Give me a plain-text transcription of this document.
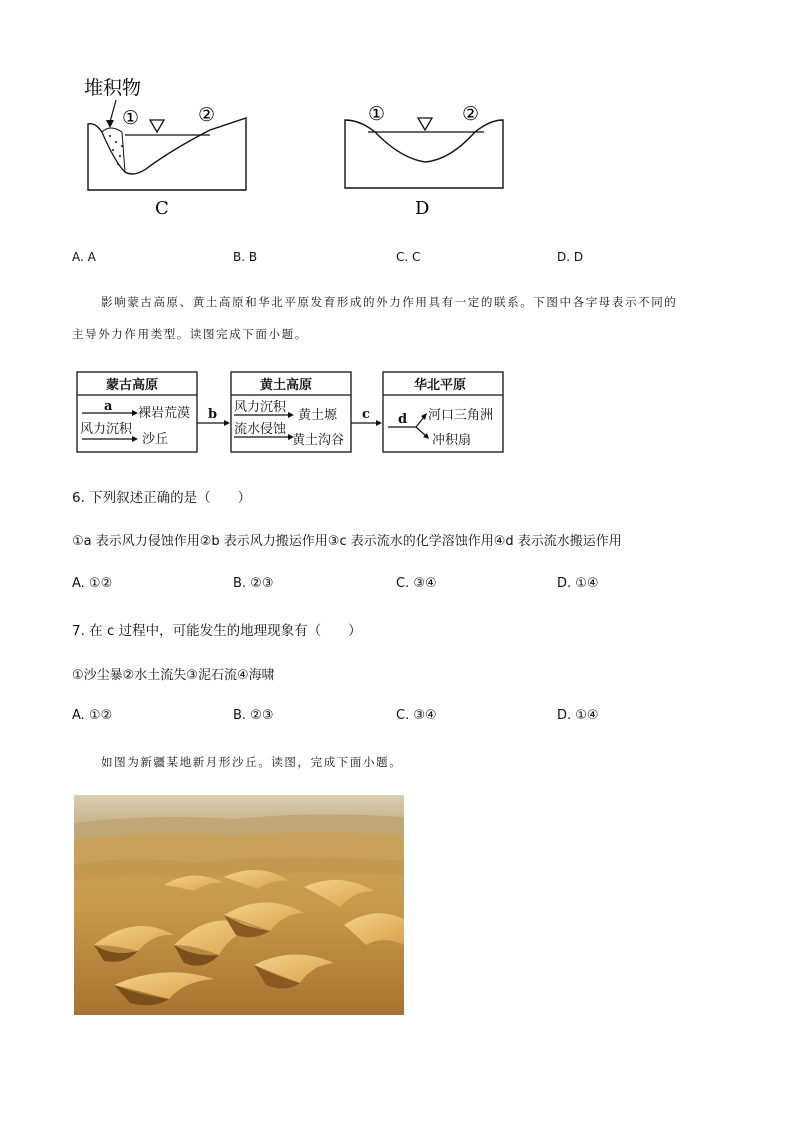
堆积物
①	②
C
①	②
D
A. A	B. B	C. C	D. D
影响蒙古高原、黄土高原和华北平原发育形成的外力作用具有一定的联系。下图中各字母表示不同的
主导外力作用类型。读图完成下面小题。
蒙古高原
a 裸岩荒漠
风力沉积
沙丘
b
黄土高原
风力沉积
黄土塬
流水侵蚀
黄土沟谷
c
华北平原
d 河口三角洲
冲积扇
6. 下列叙述正确的是（　　）
①a 表示风力侵蚀作用②b 表示风力搬运作用③c 表示流水的化学溶蚀作用④d 表示流水搬运作用
A. ①②	B. ②③	C. ③④	D. ①④
7. 在 c 过程中，可能发生的地理现象有（　　）
①沙尘暴②水土流失③泥石流④海啸
A. ①②	B. ②③	C. ③④	D. ①④
如图为新疆某地新月形沙丘。读图，完成下面小题。
